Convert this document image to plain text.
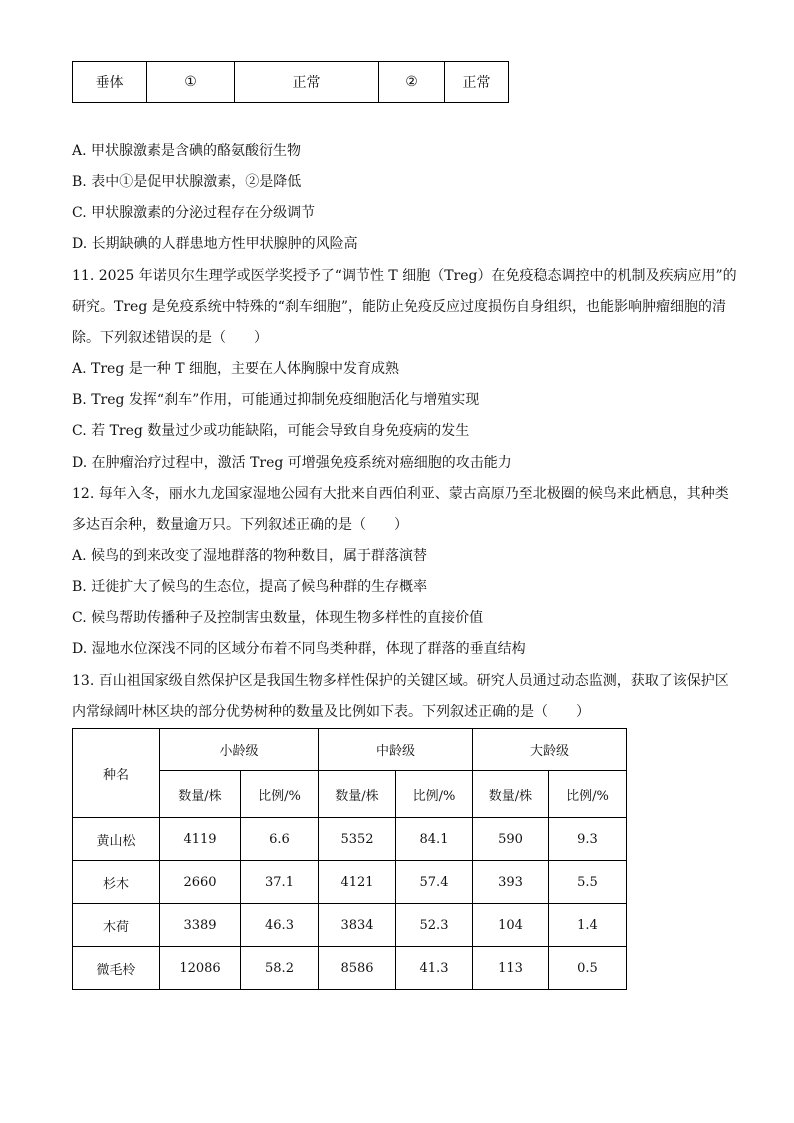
垂体	①	正常	②	正常
A. 甲状腺激素是含碘的酪氨酸衍生物
B. 表中①是促甲状腺激素，②是降低
C. 甲状腺激素的分泌过程存在分级调节
D. 长期缺碘的人群患地方性甲状腺肿的风险高
11. 2025 年诺贝尔生理学或医学奖授予了“调节性 T 细胞（Treg）在免疫稳态调控中的机制及疾病应用”的
研究。Treg 是免疫系统中特殊的“刹车细胞”，能防止免疫反应过度损伤自身组织，也能影响肿瘤细胞的清
除。下列叙述错误的是（　　）
A. Treg 是一种 T 细胞，主要在人体胸腺中发育成熟
B. Treg 发挥“刹车”作用，可能通过抑制免疫细胞活化与增殖实现
C. 若 Treg 数量过少或功能缺陷，可能会导致自身免疫病的发生
D. 在肿瘤治疗过程中，激活 Treg 可增强免疫系统对癌细胞的攻击能力
12. 每年入冬，丽水九龙国家湿地公园有大批来自西伯利亚、蒙古高原乃至北极圈的候鸟来此栖息，其种类
多达百余种，数量逾万只。下列叙述正确的是（　　）
A. 候鸟的到来改变了湿地群落的物种数目，属于群落演替
B. 迁徙扩大了候鸟的生态位，提高了候鸟种群的生存概率
C. 候鸟帮助传播种子及控制害虫数量，体现生物多样性的直接价值
D. 湿地水位深浅不同的区域分布着不同鸟类种群，体现了群落的垂直结构
13. 百山祖国家级自然保护区是我国生物多样性保护的关键区域。研究人员通过动态监测，获取了该保护区
内常绿阔叶林区块的部分优势树种的数量及比例如下表。下列叙述正确的是（　　）
种名	小龄级		中龄级		大龄级	
	数量/株	比例/%	数量/株	比例/%	数量/株	比例/%
黄山松	4119	6.6	5352	84.1	590	9.3
杉木	2660	37.1	4121	57.4	393	5.5
木荷	3389	46.3	3834	52.3	104	1.4
微毛柃	12086	58.2	8586	41.3	113	0.5
